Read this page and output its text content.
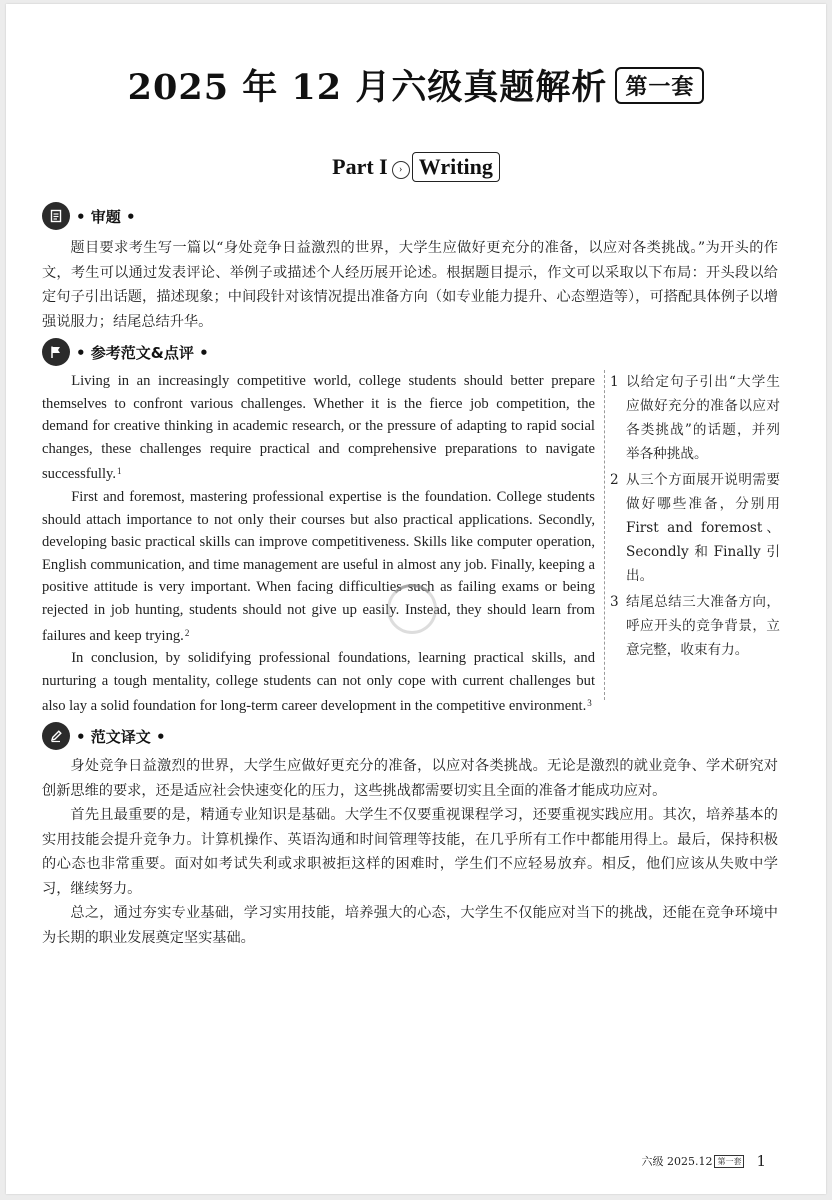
2025 年 12 月六级真题解析 第一套
Part I › Writing
• 审题 •

题目要求考生写一篇以“身处竞争日益激烈的世界，大学生应做好更充分的准备，以应对各类挑战。”为开头的作文，考生可以通过发表评论、举例子或描述个人经历展开论述。根据题目提示，作文可以采取以下布局：开头段以给定句子引出话题，描述现象；中间段针对该情况提出准备方向（如专业能力提升、心态塑造等），可搭配具体例子以增强说服力；结尾总结升华。

• 参考范文&点评 •

Living in an increasingly competitive world, college students should better prepare themselves to confront various challenges. Whether it is the fierce job competition, the demand for creative thinking in academic research, or the pressure of adapting to rapid social changes, these challenges require practical and comprehensive preparations to navigate successfully.$^1$

First and foremost, mastering professional expertise is the foundation. College students should attach importance to not only their courses but also practical applications. Secondly, developing basic practical skills can improve competitiveness. Skills like computer operation, English communication, and time management are useful in almost any job. Finally, keeping a positive attitude is very important. When facing difficulties such as failing exams or being rejected in job hunting, students should not give up easily. Instead, they should learn from failures and keep trying.$^2$

In conclusion, by solidifying professional foundations, learning practical skills, and nurturing a tough mentality, college students can not only cope with current challenges but also lay a solid foundation for long-term career development in the competitive environment.$^3$

1 以给定句子引出“大学生应做好充分的准备以应对各类挑战”的话题，并列举各种挑战。
2 从三个方面展开说明需要做好哪些准备，分别用First and foremost、Secondly和Finally引出。
3 结尾总结三大准备方向，呼应开头的竞争背景，立意完整，收束有力。
• 范文译文 •

身处竞争日益激烈的世界，大学生应做好更充分的准备，以应对各类挑战。无论是激烈的就业竞争、学术研究对创新思维的要求，还是适应社会快速变化的压力，这些挑战都需要切实且全面的准备才能成功应对。

首先且最重要的是，精通专业知识是基础。大学生不仅要重视课程学习，还要重视实践应用。其次，培养基本的实用技能会提升竞争力。计算机操作、英语沟通和时间管理等技能，在几乎所有工作中都能用得上。最后，保持积极的心态也非常重要。面对如考试失利或求职被拒这样的困难时，学生们不应轻易放弃。相反，他们应该从失败中学习，继续努力。

总之，通过夯实专业基础，学习实用技能，培养强大的心态，大学生不仅能应对当下的挑战，还能在竞争环境中为长期的职业发展奠定坚实基础。

六级 2025.12 第一套 1
